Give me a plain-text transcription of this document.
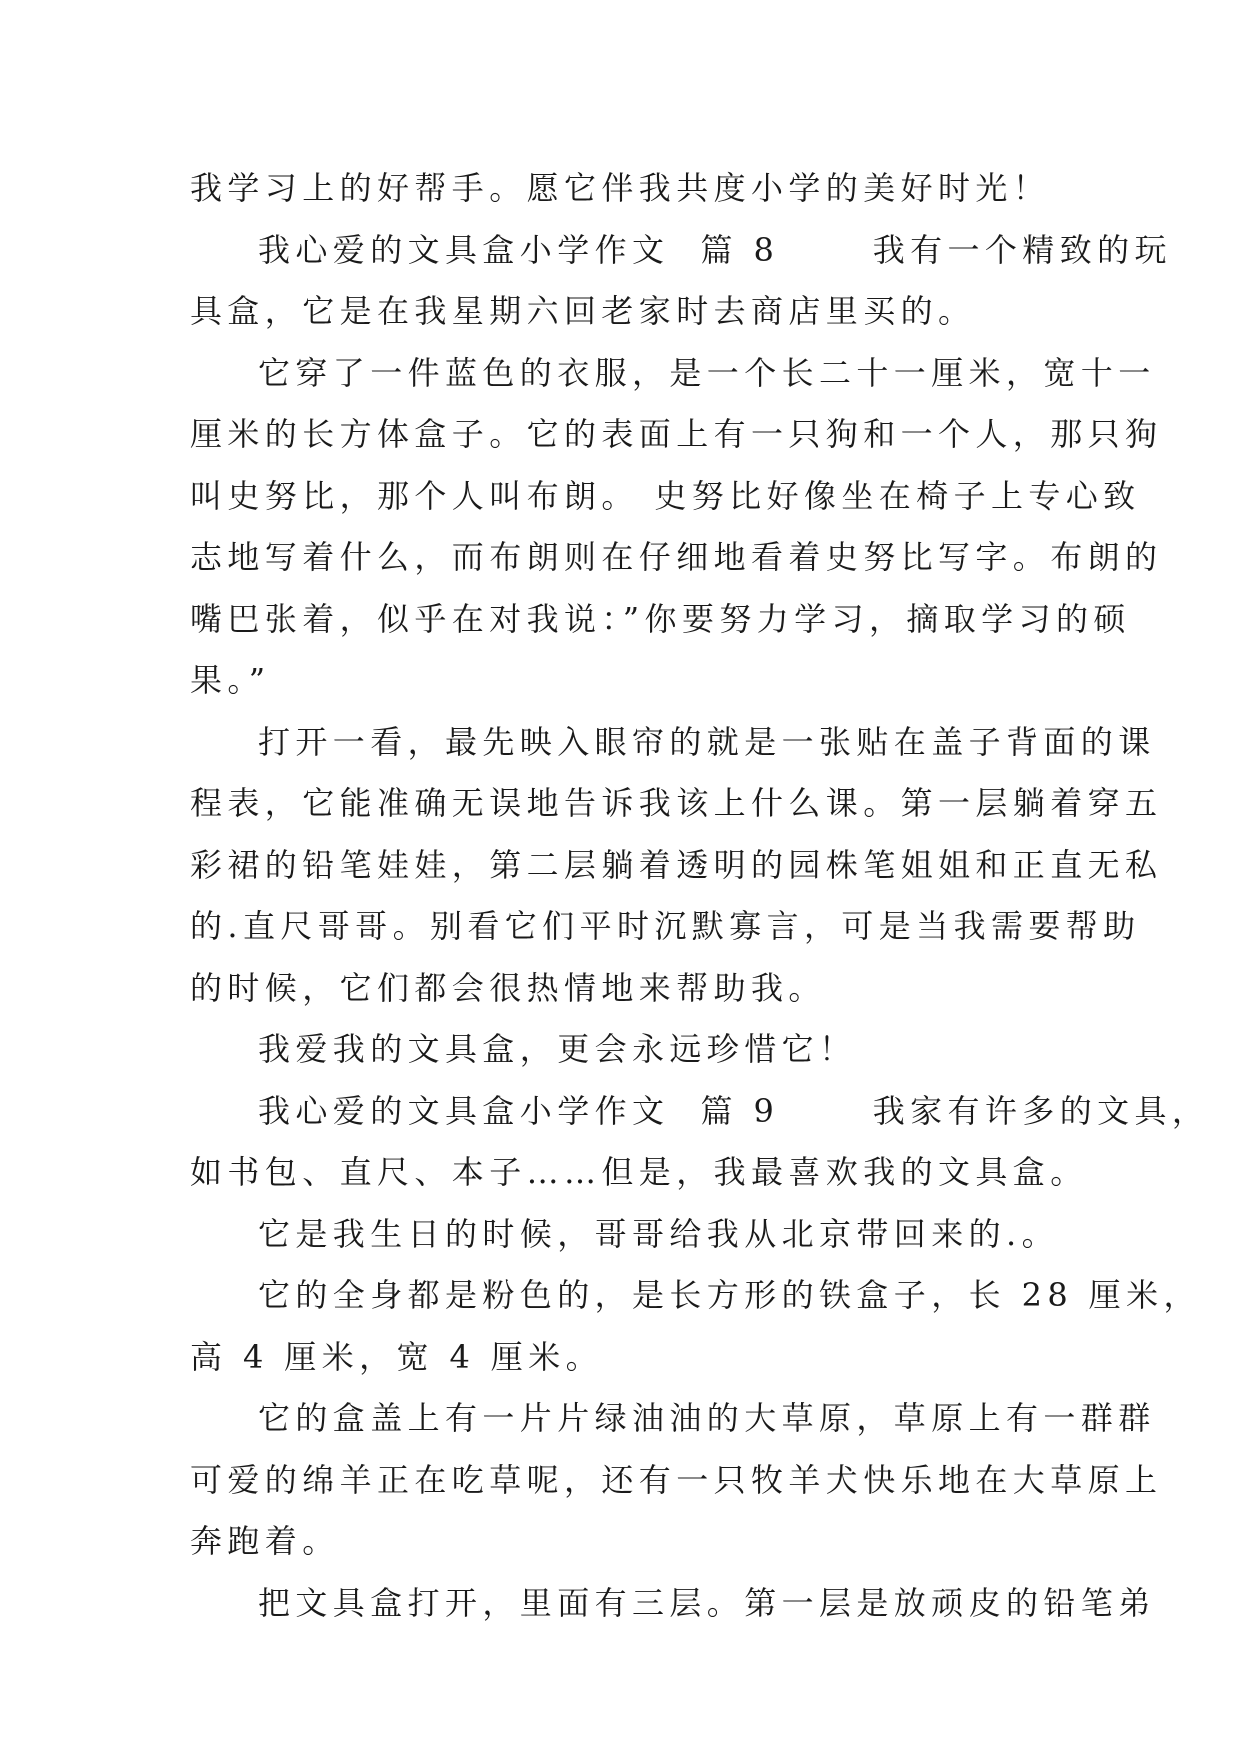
我学习上的好帮手。愿它伴我共度小学的美好时光！

我心爱的文具盒小学作文  篇 8      我有一个精致的玩

具盒，它是在我星期六回老家时去商店里买的。

它穿了一件蓝色的衣服，是一个长二十一厘米，宽十一

厘米的长方体盒子。它的表面上有一只狗和一个人，那只狗

叫史努比，那个人叫布朗。 史努比好像坐在椅子上专心致

志地写着什么，而布朗则在仔细地看着史努比写字。布朗的

嘴巴张着，似乎在对我说：”你要努力学习，摘取学习的硕

果。”

打开一看，最先映入眼帘的就是一张贴在盖子背面的课

程表，它能准确无误地告诉我该上什么课。第一层躺着穿五

彩裙的铅笔娃娃，第二层躺着透明的园株笔姐姐和正直无私

的.直尺哥哥。别看它们平时沉默寡言，可是当我需要帮助

的时候，它们都会很热情地来帮助我。

我爱我的文具盒，更会永远珍惜它！

我心爱的文具盒小学作文  篇 9      我家有许多的文具，

如书包、直尺、本子……但是，我最喜欢我的文具盒。

它是我生日的时候，哥哥给我从北京带回来的.。

它的全身都是粉色的，是长方形的铁盒子，长 28 厘米，

高 4 厘米，宽 4 厘米。

它的盒盖上有一片片绿油油的大草原，草原上有一群群

可爱的绵羊正在吃草呢，还有一只牧羊犬快乐地在大草原上

奔跑着。

把文具盒打开，里面有三层。第一层是放顽皮的铅笔弟
